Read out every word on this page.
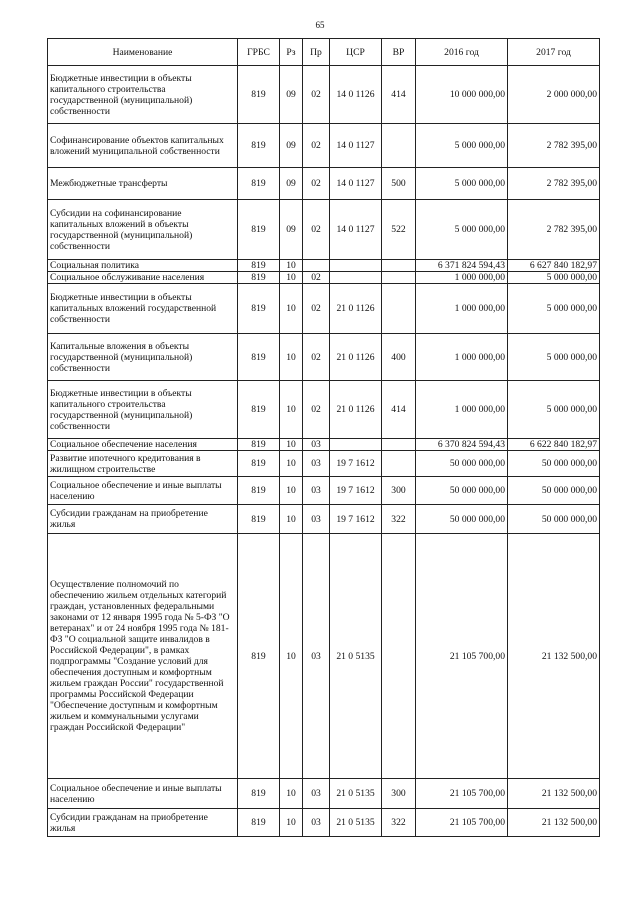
65
Наименование	ГРБС	Рз	Пр	ЦСР	ВР	2016 год	2017 год
Бюджетные инвестиции в объекты капитального строительства государственной (муниципальной) собственности	819	09	02	14 0 1126	414	10 000 000,00	2 000 000,00
Софинансирование объектов капитальных вложений муниципальной собственности	819	09	02	14 0 1127		5 000 000,00	2 782 395,00
Межбюджетные трансферты	819	09	02	14 0 1127	500	5 000 000,00	2 782 395,00
Субсидии на софинансирование капитальных вложений в объекты государственной (муниципальной) собственности	819	09	02	14 0 1127	522	5 000 000,00	2 782 395,00
Социальная политика	819	10				6 371 824 594,43	6 627 840 182,97
Социальное обслуживание населения	819	10	02			1 000 000,00	5 000 000,00
Бюджетные инвестиции в объекты капитальных вложений государственной собственности	819	10	02	21 0 1126		1 000 000,00	5 000 000,00
Капитальные вложения в объекты государственной (муниципальной) собственности	819	10	02	21 0 1126	400	1 000 000,00	5 000 000,00
Бюджетные инвестиции в объекты капитального строительства государственной (муниципальной) собственности	819	10	02	21 0 1126	414	1 000 000,00	5 000 000,00
Социальное обеспечение населения	819	10	03			6 370 824 594,43	6 622 840 182,97
Развитие ипотечного кредитования в жилищном строительстве	819	10	03	19 7 1612		50 000 000,00	50 000 000,00
Социальное обеспечение и иные выплаты населению	819	10	03	19 7 1612	300	50 000 000,00	50 000 000,00
Субсидии гражданам на приобретение жилья	819	10	03	19 7 1612	322	50 000 000,00	50 000 000,00
Осуществление полномочий по обеспечению жильем отдельных категорий граждан, установленных федеральными законами от 12 января 1995 года № 5-ФЗ "О ветеранах" и от 24 ноября 1995 года № 181-ФЗ "О социальной защите инвалидов в Российской Федерации", в рамках подпрограммы "Создание условий для обеспечения доступным и комфортным жильем граждан России" государственной программы Российской Федерации "Обеспечение доступным и комфортным жильем и коммунальными услугами граждан Российской Федерации"	819	10	03	21 0 5135		21 105 700,00	21 132 500,00
Социальное обеспечение и иные выплаты населению	819	10	03	21 0 5135	300	21 105 700,00	21 132 500,00
Субсидии гражданам на приобретение жилья	819	10	03	21 0 5135	322	21 105 700,00	21 132 500,00
